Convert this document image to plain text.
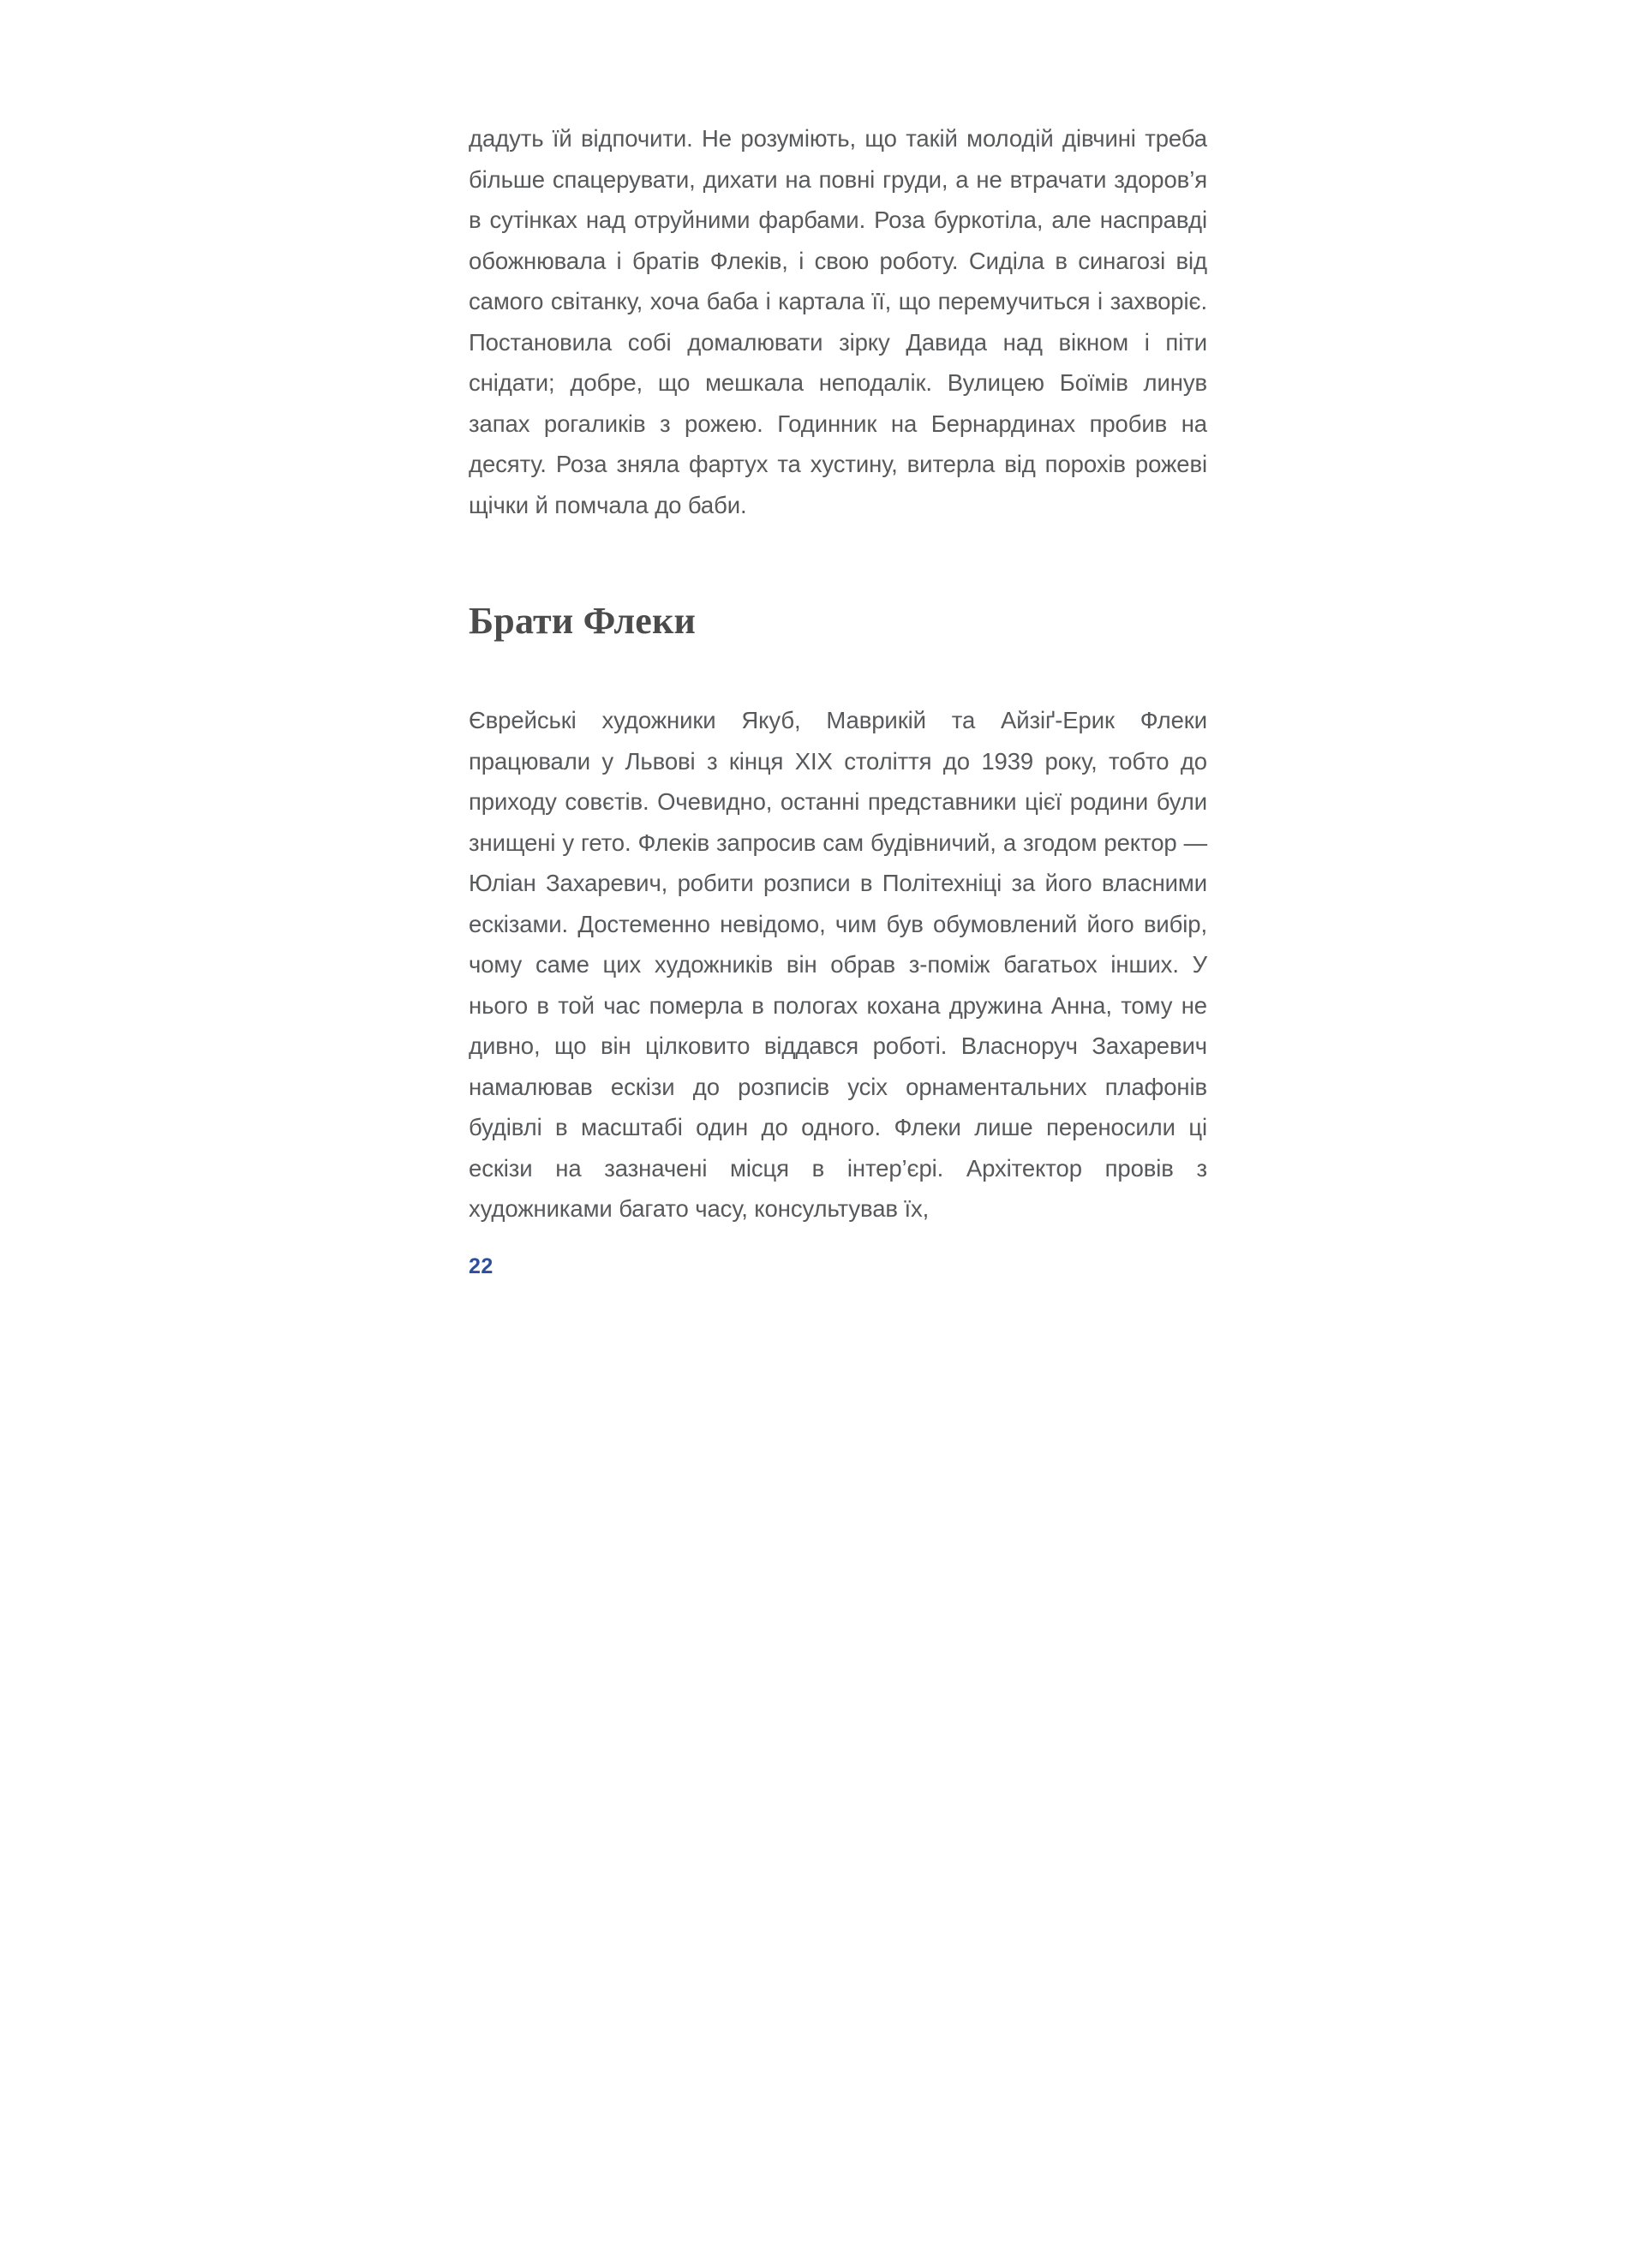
дадуть їй відпочити. Не розуміють, що такій молодій дівчині треба більше спацерувати, дихати на повні груди, а не втрачати здоров’я в сутінках над отруйними фарбами. Роза буркотіла, але насправді обожнювала і братів Флеків, і свою роботу. Сиділа в синагозі від самого світанку, хоча баба і картала її, що перемучиться і захворіє. Постановила собі домалювати зірку Давида над вікном і піти снідати; добре, що мешкала неподалік. Вулицею Боїмів линув запах рогаликів з рожею. Годинник на Бернардинах пробив на десяту. Роза зняла фартух та хустину, витерла від порохів рожеві щічки й помчала до баби.

Брати Флеки

Єврейські художники Якуб, Маврикій та Айзіґ-Ерик Флеки працювали у Львові з кінця XIX століття до 1939 року, тобто до приходу совєтів. Очевидно, останні представники цієї родини були знищені у гето. Флеків запросив сам будівничий, а згодом ректор — Юліан Захаревич, робити розписи в Політехніці за його власними ескізами. Достеменно невідомо, чим був обумовлений його вибір, чому саме цих художників він обрав з-поміж багатьох інших. У нього в той час померла в пологах кохана дружина Анна, тому не дивно, що він цілковито віддався роботі. Власноруч Захаревич намалював ескізи до розписів усіх орнаментальних плафонів будівлі в масштабі один до одного. Флеки лише переносили ці ескізи на зазначені місця в інтер’єрі. Архітектор провів з художниками багато часу, консультував їх,

22
